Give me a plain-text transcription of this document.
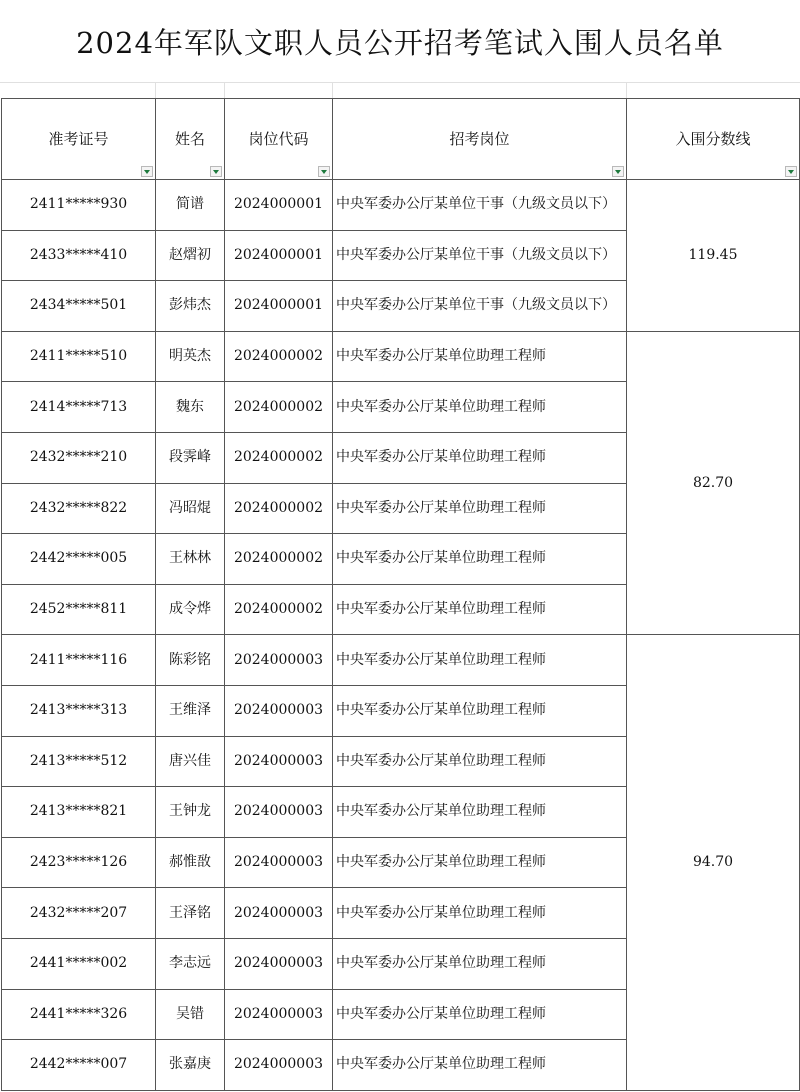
2024年军队文职人员公开招考笔试入围人员名单
准考证号	姓名	岗位代码	招考岗位	入围分数线

2411*****930	简谱	2024000001	中央军委办公厅某单位干事（九级文员以下）	119.45
2433*****410	赵熠初	2024000001	中央军委办公厅某单位干事（九级文员以下）	
2434*****501	彭炜杰	2024000001	中央军委办公厅某单位干事（九级文员以下）	
2411*****510	明英杰	2024000002	中央军委办公厅某单位助理工程师	82.70
2414*****713	魏东	2024000002	中央军委办公厅某单位助理工程师	
2432*****210	段霁峰	2024000002	中央军委办公厅某单位助理工程师	
2432*****822	冯昭焜	2024000002	中央军委办公厅某单位助理工程师	
2442*****005	王林林	2024000002	中央军委办公厅某单位助理工程师	
2452*****811	成令烨	2024000002	中央军委办公厅某单位助理工程师	
2411*****116	陈彩铭	2024000003	中央军委办公厅某单位助理工程师	94.70
2413*****313	王维泽	2024000003	中央军委办公厅某单位助理工程师	
2413*****512	唐兴佳	2024000003	中央军委办公厅某单位助理工程师	
2413*****821	王钟龙	2024000003	中央军委办公厅某单位助理工程师	
2423*****126	郝惟敔	2024000003	中央军委办公厅某单位助理工程师	
2432*****207	王泽铭	2024000003	中央军委办公厅某单位助理工程师	
2441*****002	李志远	2024000003	中央军委办公厅某单位助理工程师	
2441*****326	吴错	2024000003	中央军委办公厅某单位助理工程师	
2442*****007	张嘉庚	2024000003	中央军委办公厅某单位助理工程师	
